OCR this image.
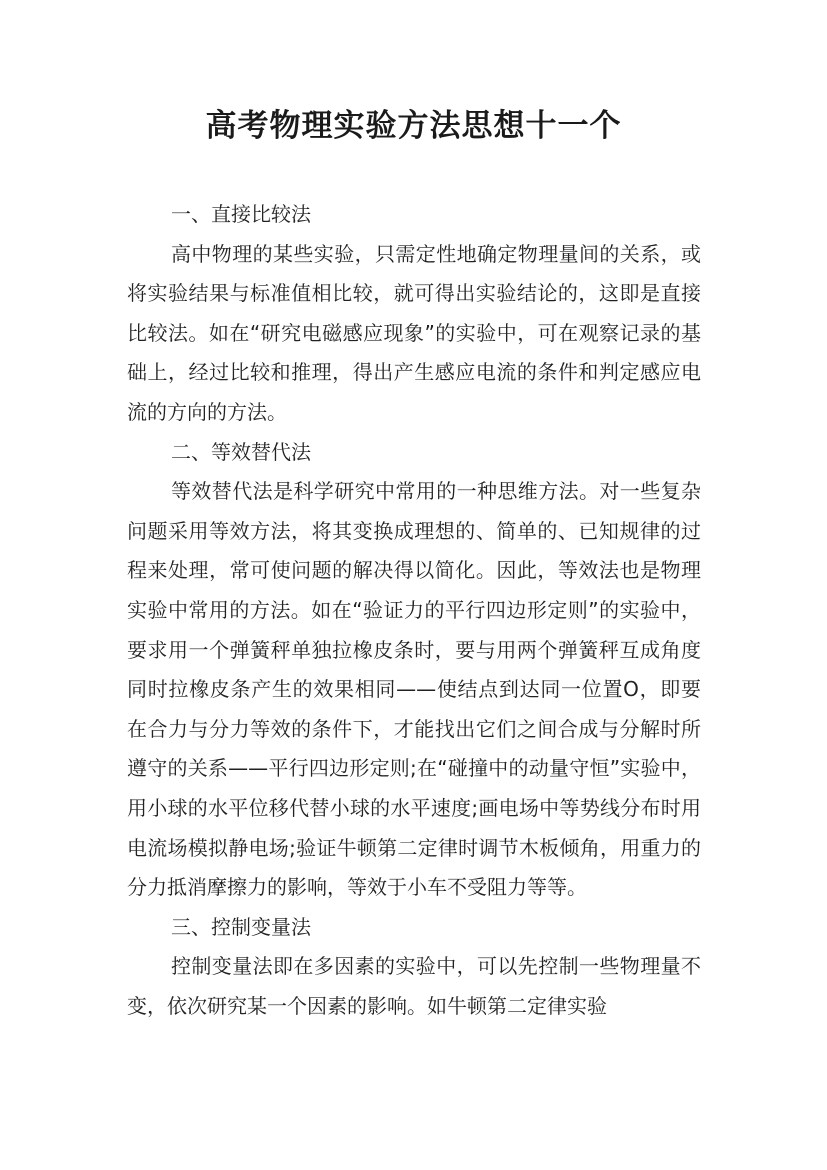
高考物理实验方法思想十一个

一、直接比较法

高中物理的某些实验，只需定性地确定物理量间的关系，或将实验结果与标准值相比较，就可得出实验结论的，这即是直接比较法。如在“研究电磁感应现象”的实验中，可在观察记录的基础上，经过比较和推理，得出产生感应电流的条件和判定感应电流的方向的方法。

二、等效替代法

等效替代法是科学研究中常用的一种思维方法。对一些复杂问题采用等效方法，将其变换成理想的、简单的、已知规律的过程来处理，常可使问题的解决得以简化。因此，等效法也是物理实验中常用的方法。如在“验证力的平行四边形定则”的实验中，要求用一个弹簧秤单独拉橡皮条时，要与用两个弹簧秤互成角度同时拉橡皮条产生的效果相同——使结点到达同一位置O，即要在合力与分力等效的条件下，才能找出它们之间合成与分解时所遵守的关系——平行四边形定则;在“碰撞中的动量守恒”实验中，用小球的水平位移代替小球的水平速度;画电场中等势线分布时用电流场模拟静电场;验证牛顿第二定律时调节木板倾角，用重力的分力抵消摩擦力的影响，等效于小车不受阻力等等。

三、控制变量法

控制变量法即在多因素的实验中，可以先控制一些物理量不变，依次研究某一个因素的影响。如牛顿第二定律实验
